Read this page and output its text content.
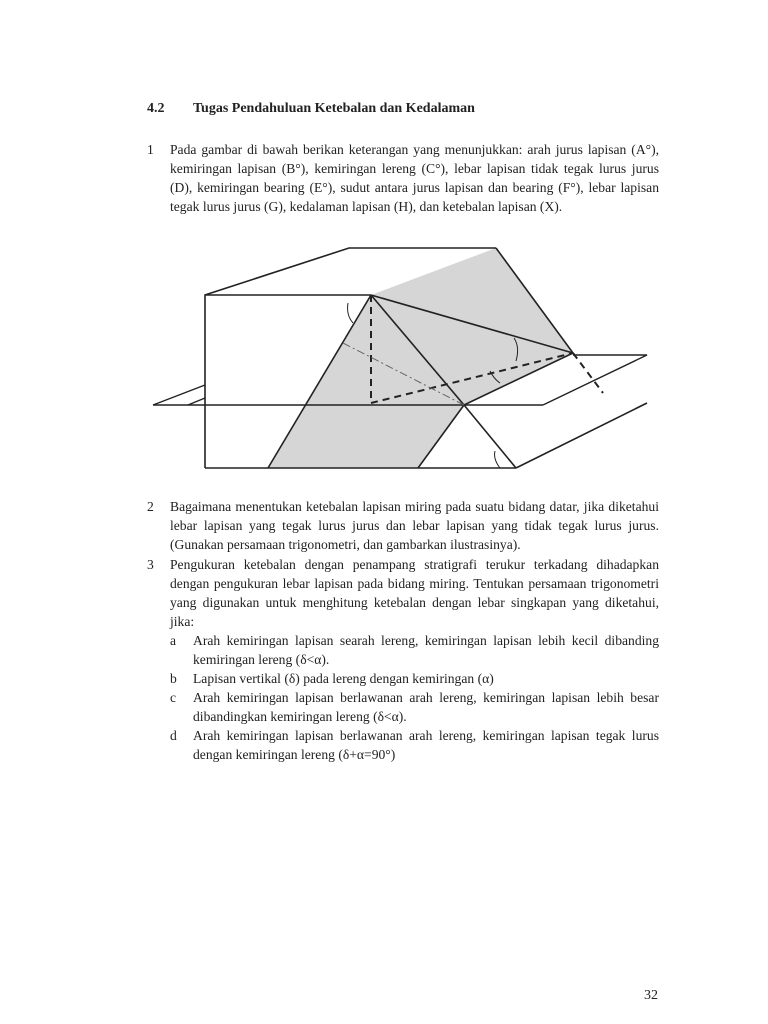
4.2 Tugas Pendahuluan Ketebalan dan Kedalaman
1 Pada gambar di bawah berikan keterangan yang menunjukkan: arah jurus lapisan (A°), kemiringan lapisan (B°), kemiringan lereng (C°), lebar lapisan tidak tegak lurus jurus (D), kemiringan bearing (E°), sudut antara jurus lapisan dan bearing (F°), lebar lapisan tegak lurus jurus (G), kedalaman lapisan (H), dan ketebalan lapisan (X).
2 Bagaimana menentukan ketebalan lapisan miring pada suatu bidang datar, jika diketahui lebar lapisan yang tegak lurus jurus dan lebar lapisan yang tidak tegak lurus jurus. (Gunakan persamaan trigonometri, dan gambarkan ilustrasinya).
3 Pengukuran ketebalan dengan penampang stratigrafi terukur terkadang dihadapkan dengan pengukuran lebar lapisan pada bidang miring. Tentukan persamaan trigonometri yang digunakan untuk menghitung ketebalan dengan lebar singkapan yang diketahui, jika:
a Arah kemiringan lapisan searah lereng, kemiringan lapisan lebih kecil dibanding kemiringan lereng (δ<α).
b Lapisan vertikal (δ) pada lereng dengan kemiringan (α)
c Arah kemiringan lapisan berlawanan arah lereng, kemiringan lapisan lebih besar dibandingkan kemiringan lereng (δ<α).
d Arah kemiringan lapisan berlawanan arah lereng, kemiringan lapisan tegak lurus dengan kemiringan lereng (δ+α=90°)
32
